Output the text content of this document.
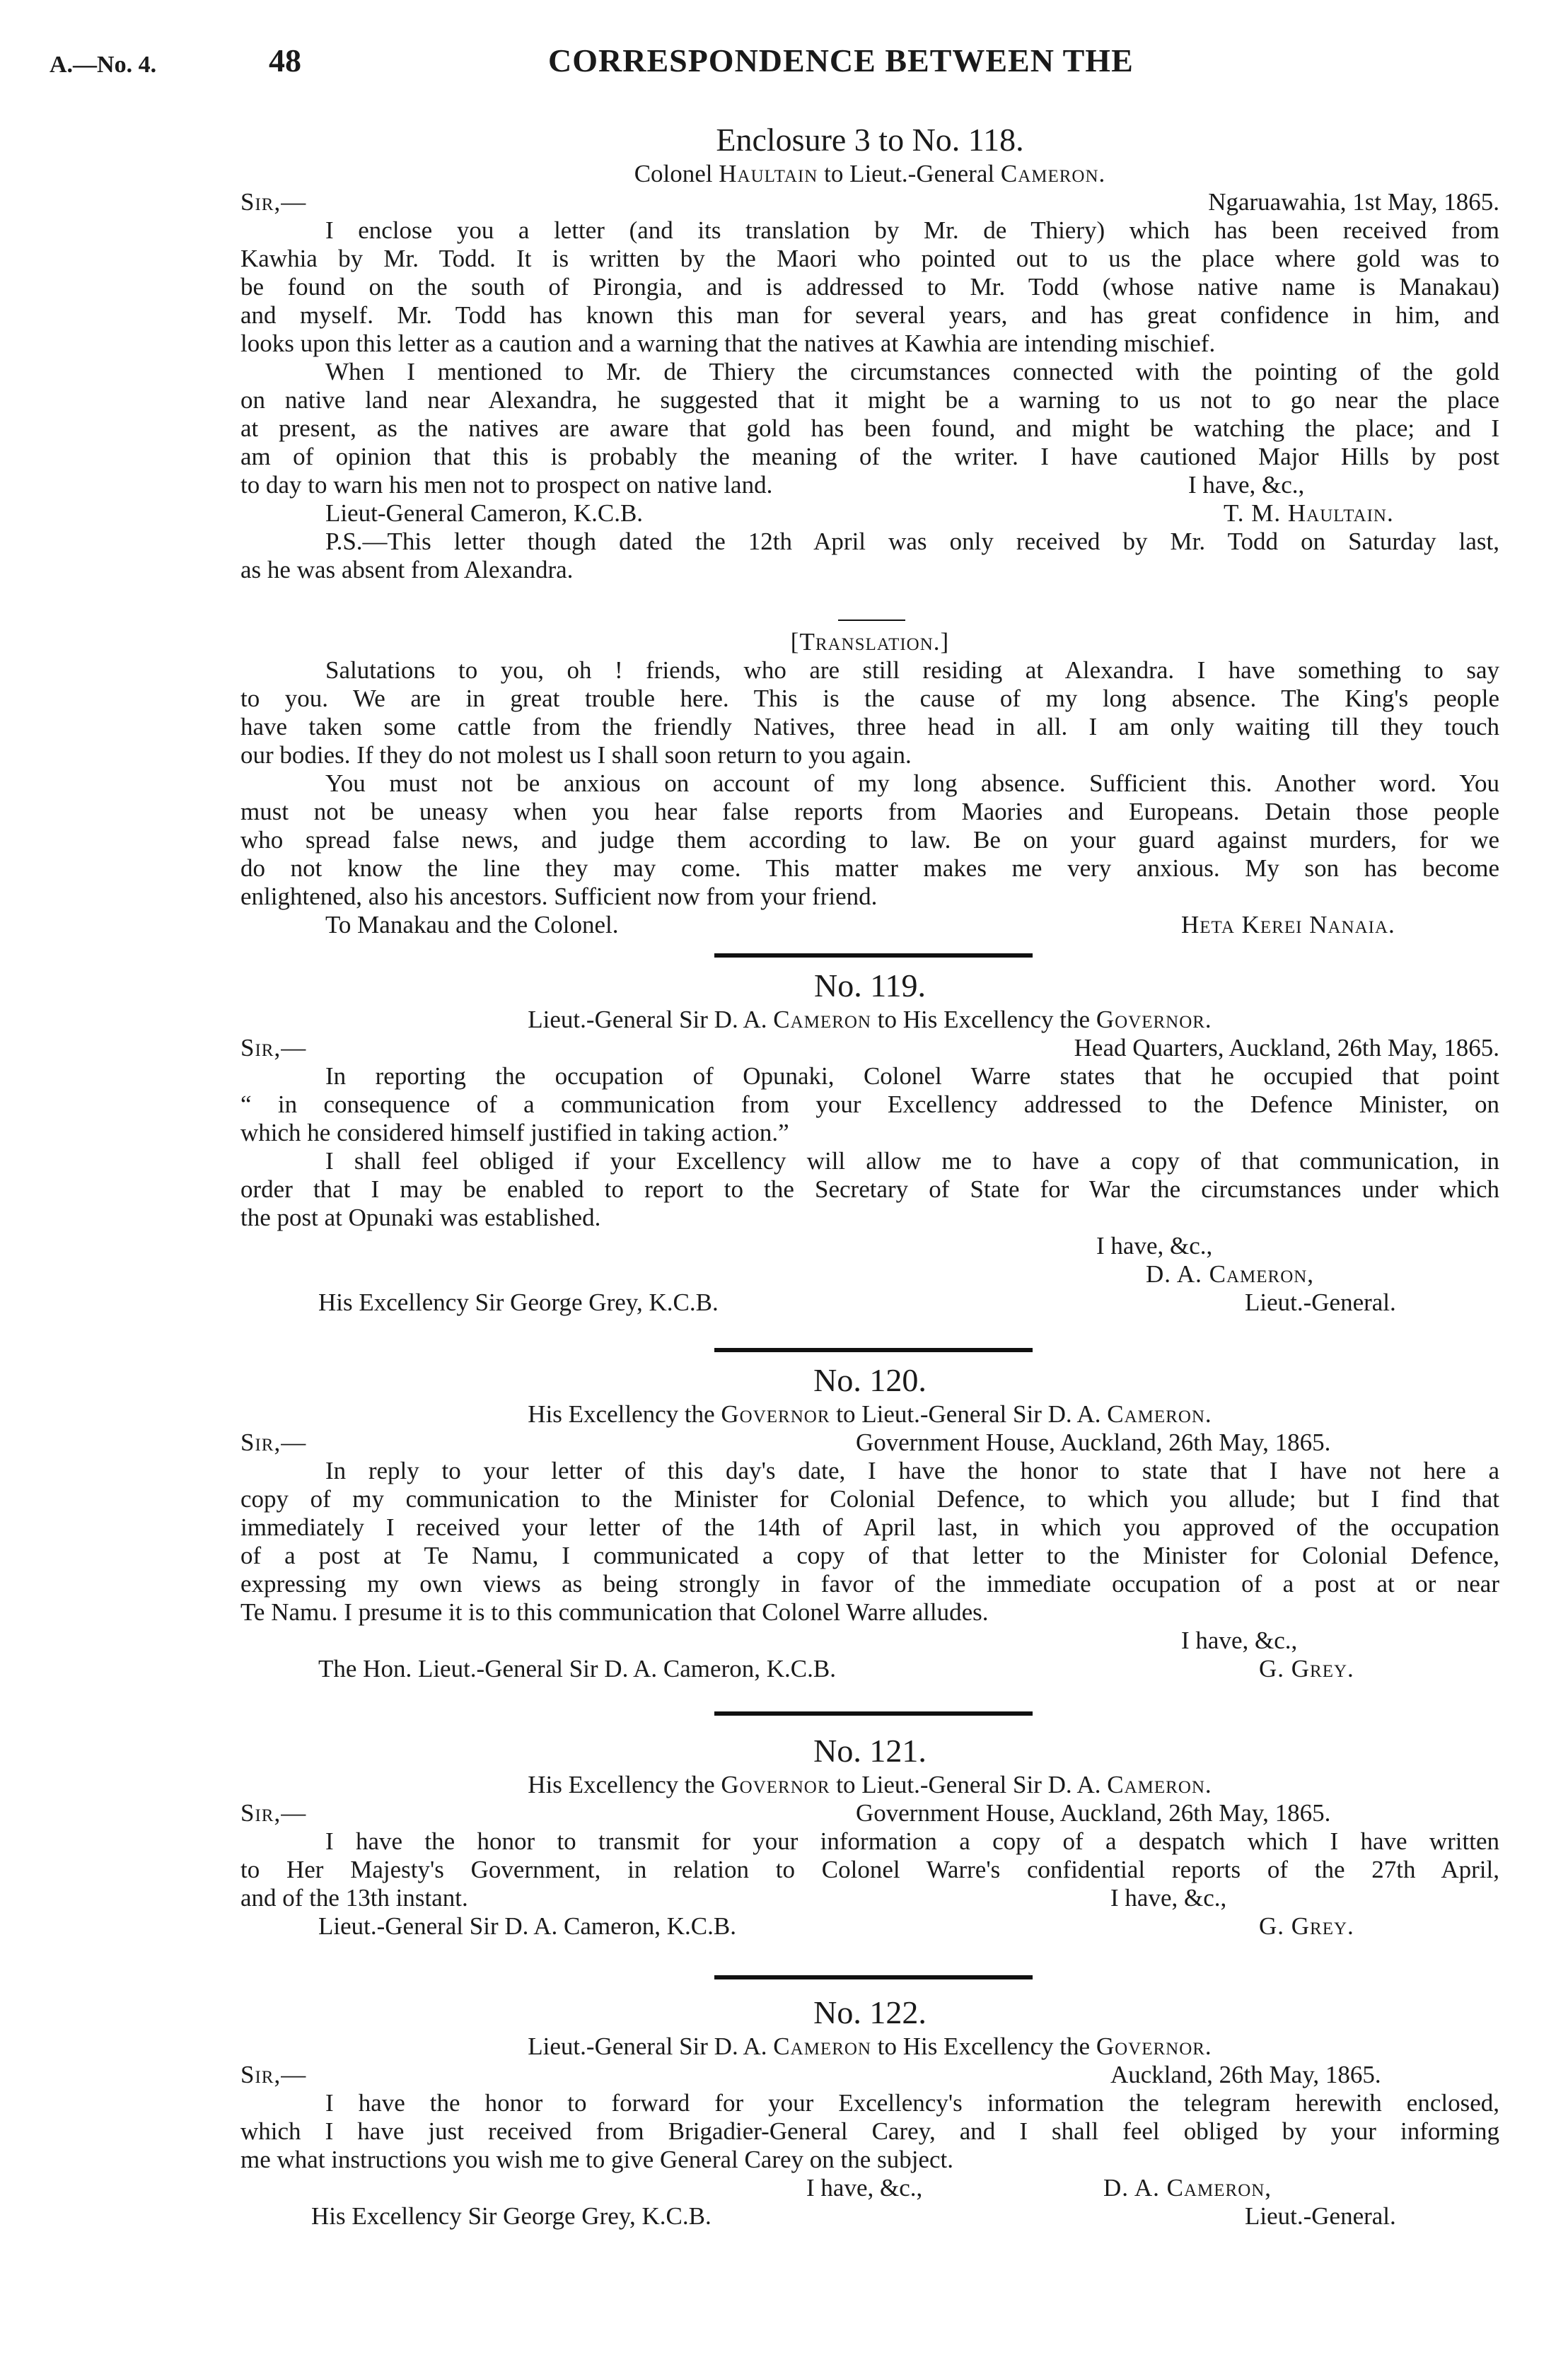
A.—No. 4.	48	CORRESPONDENCE BETWEEN THE
Enclosure 3 to No. 118.
Colonel Haultain to Lieut.-General Cameron.
Sir,—	Ngaruawahia, 1st May, 1865.
I enclose you a letter (and its translation by Mr. de Thiery) which has been received from
Kawhia by Mr. Todd. It is written by the Maori who pointed out to us the place where gold was to
be found on the south of Pirongia, and is addressed to Mr. Todd (whose native name is Manakau)
and myself. Mr. Todd has known this man for several years, and has great confidence in him, and
looks upon this letter as a caution and a warning that the natives at Kawhia are intending mischief.
When I mentioned to Mr. de Thiery the circumstances connected with the pointing of the gold
on native land near Alexandra, he suggested that it might be a warning to us not to go near the place
at present, as the natives are aware that gold has been found, and might be watching the place; and I
am of opinion that this is probably the meaning of the writer. I have cautioned Major Hills by post
to day to warn his men not to prospect on native land.	I have, &c.,
Lieut-General Cameron, K.C.B.	T. M. Haultain.
P.S.—This letter though dated the 12th April was only received by Mr. Todd on Saturday last,
as he was absent from Alexandra.
[Translation.]
Salutations to you, oh ! friends, who are still residing at Alexandra. I have something to say
to you. We are in great trouble here. This is the cause of my long absence. The King's people
have taken some cattle from the friendly Natives, three head in all. I am only waiting till they touch
our bodies. If they do not molest us I shall soon return to you again.
You must not be anxious on account of my long absence. Sufficient this. Another word. You
must not be uneasy when you hear false reports from Maories and Europeans. Detain those people
who spread false news, and judge them according to law. Be on your guard against murders, for we
do not know the line they may come. This matter makes me very anxious. My son has become
enlightened, also his ancestors. Sufficient now from your friend.
To Manakau and the Colonel.	Heta Kerei Nanaia.
No. 119.
Lieut.-General Sir D. A. Cameron to His Excellency the Governor.
Sir,—	Head Quarters, Auckland, 26th May, 1865.
In reporting the occupation of Opunaki, Colonel Warre states that he occupied that point
“ in consequence of a communication from your Excellency addressed to the Defence Minister, on
which he considered himself justified in taking action.”
I shall feel obliged if your Excellency will allow me to have a copy of that communication, in
order that I may be enabled to report to the Secretary of State for War the circumstances under which
the post at Opunaki was established.
I have, &c.,
D. A. Cameron,
His Excellency Sir George Grey, K.C.B.	Lieut.-General.
No. 120.
His Excellency the Governor to Lieut.-General Sir D. A. Cameron.
Sir,—	Government House, Auckland, 26th May, 1865.
In reply to your letter of this day's date, I have the honor to state that I have not here a
copy of my communication to the Minister for Colonial Defence, to which you allude; but I find that
immediately I received your letter of the 14th of April last, in which you approved of the occupation
of a post at Te Namu, I communicated a copy of that letter to the Minister for Colonial Defence,
expressing my own views as being strongly in favor of the immediate occupation of a post at or near
Te Namu. I presume it is to this communication that Colonel Warre alludes.
I have, &c.,
The Hon. Lieut.-General Sir D. A. Cameron, K.C.B.	G. Grey.
No. 121.
His Excellency the Governor to Lieut.-General Sir D. A. Cameron.
Sir,—	Government House, Auckland, 26th May, 1865.
I have the honor to transmit for your information a copy of a despatch which I have written
to Her Majesty's Government, in relation to Colonel Warre's confidential reports of the 27th April,
and of the 13th instant.	I have, &c.,
Lieut.-General Sir D. A. Cameron, K.C.B.	G. Grey.
No. 122.
Lieut.-General Sir D. A. Cameron to His Excellency the Governor.
Sir,—	Auckland, 26th May, 1865.
I have the honor to forward for your Excellency's information the telegram herewith enclosed,
which I have just received from Brigadier-General Carey, and I shall feel obliged by your informing
me what instructions you wish me to give General Carey on the subject.
I have, &c.,	D. A. Cameron,
His Excellency Sir George Grey, K.C.B.	Lieut.-General.
